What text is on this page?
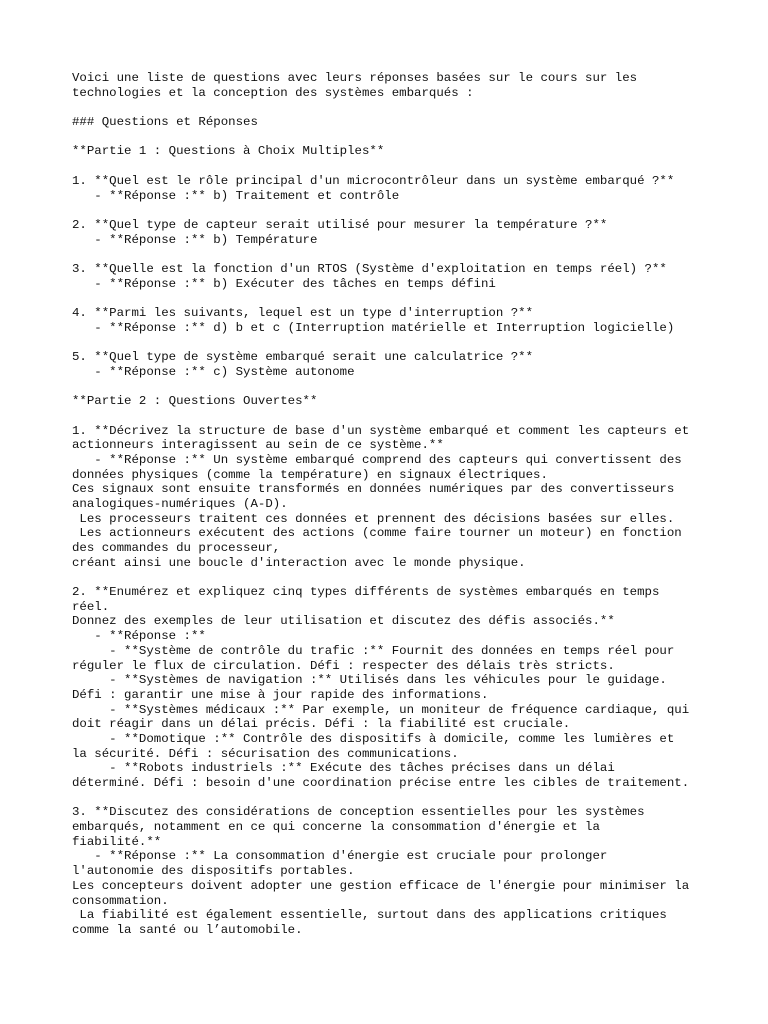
Voici une liste de questions avec leurs réponses basées sur le cours sur les
technologies et la conception des systèmes embarqués :
### Questions et Réponses
**Partie 1 : Questions à Choix Multiples**
1. **Quel est le rôle principal d'un microcontrôleur dans un système embarqué ?**
- **Réponse :** b) Traitement et contrôle
2. **Quel type de capteur serait utilisé pour mesurer la température ?**
- **Réponse :** b) Température
3. **Quelle est la fonction d'un RTOS (Système d'exploitation en temps réel) ?**
- **Réponse :** b) Exécuter des tâches en temps défini
4. **Parmi les suivants, lequel est un type d'interruption ?**
- **Réponse :** d) b et c (Interruption matérielle et Interruption logicielle)
5. **Quel type de système embarqué serait une calculatrice ?**
- **Réponse :** c) Système autonome
**Partie 2 : Questions Ouvertes**
1. **Décrivez la structure de base d'un système embarqué et comment les capteurs et
actionneurs interagissent au sein de ce système.**
- **Réponse :** Un système embarqué comprend des capteurs qui convertissent des
données physiques (comme la température) en signaux électriques.
Ces signaux sont ensuite transformés en données numériques par des convertisseurs
analogiques-numériques (A-D).
Les processeurs traitent ces données et prennent des décisions basées sur elles.
Les actionneurs exécutent des actions (comme faire tourner un moteur) en fonction
des commandes du processeur,
créant ainsi une boucle d'interaction avec le monde physique.
2. **Enumérez et expliquez cinq types différents de systèmes embarqués en temps
réel.
Donnez des exemples de leur utilisation et discutez des défis associés.**
- **Réponse :**
- **Système de contrôle du trafic :** Fournit des données en temps réel pour
réguler le flux de circulation. Défi : respecter des délais très stricts.
- **Systèmes de navigation :** Utilisés dans les véhicules pour le guidage.
Défi : garantir une mise à jour rapide des informations.
- **Systèmes médicaux :** Par exemple, un moniteur de fréquence cardiaque, qui
doit réagir dans un délai précis. Défi : la fiabilité est cruciale.
- **Domotique :** Contrôle des dispositifs à domicile, comme les lumières et
la sécurité. Défi : sécurisation des communications.
- **Robots industriels :** Exécute des tâches précises dans un délai
déterminé. Défi : besoin d'une coordination précise entre les cibles de traitement.
3. **Discutez des considérations de conception essentielles pour les systèmes
embarqués, notamment en ce qui concerne la consommation d'énergie et la
fiabilité.**
- **Réponse :** La consommation d'énergie est cruciale pour prolonger
l'autonomie des dispositifs portables.
Les concepteurs doivent adopter une gestion efficace de l'énergie pour minimiser la
consommation.
La fiabilité est également essentielle, surtout dans des applications critiques
comme la santé ou l’automobile.
